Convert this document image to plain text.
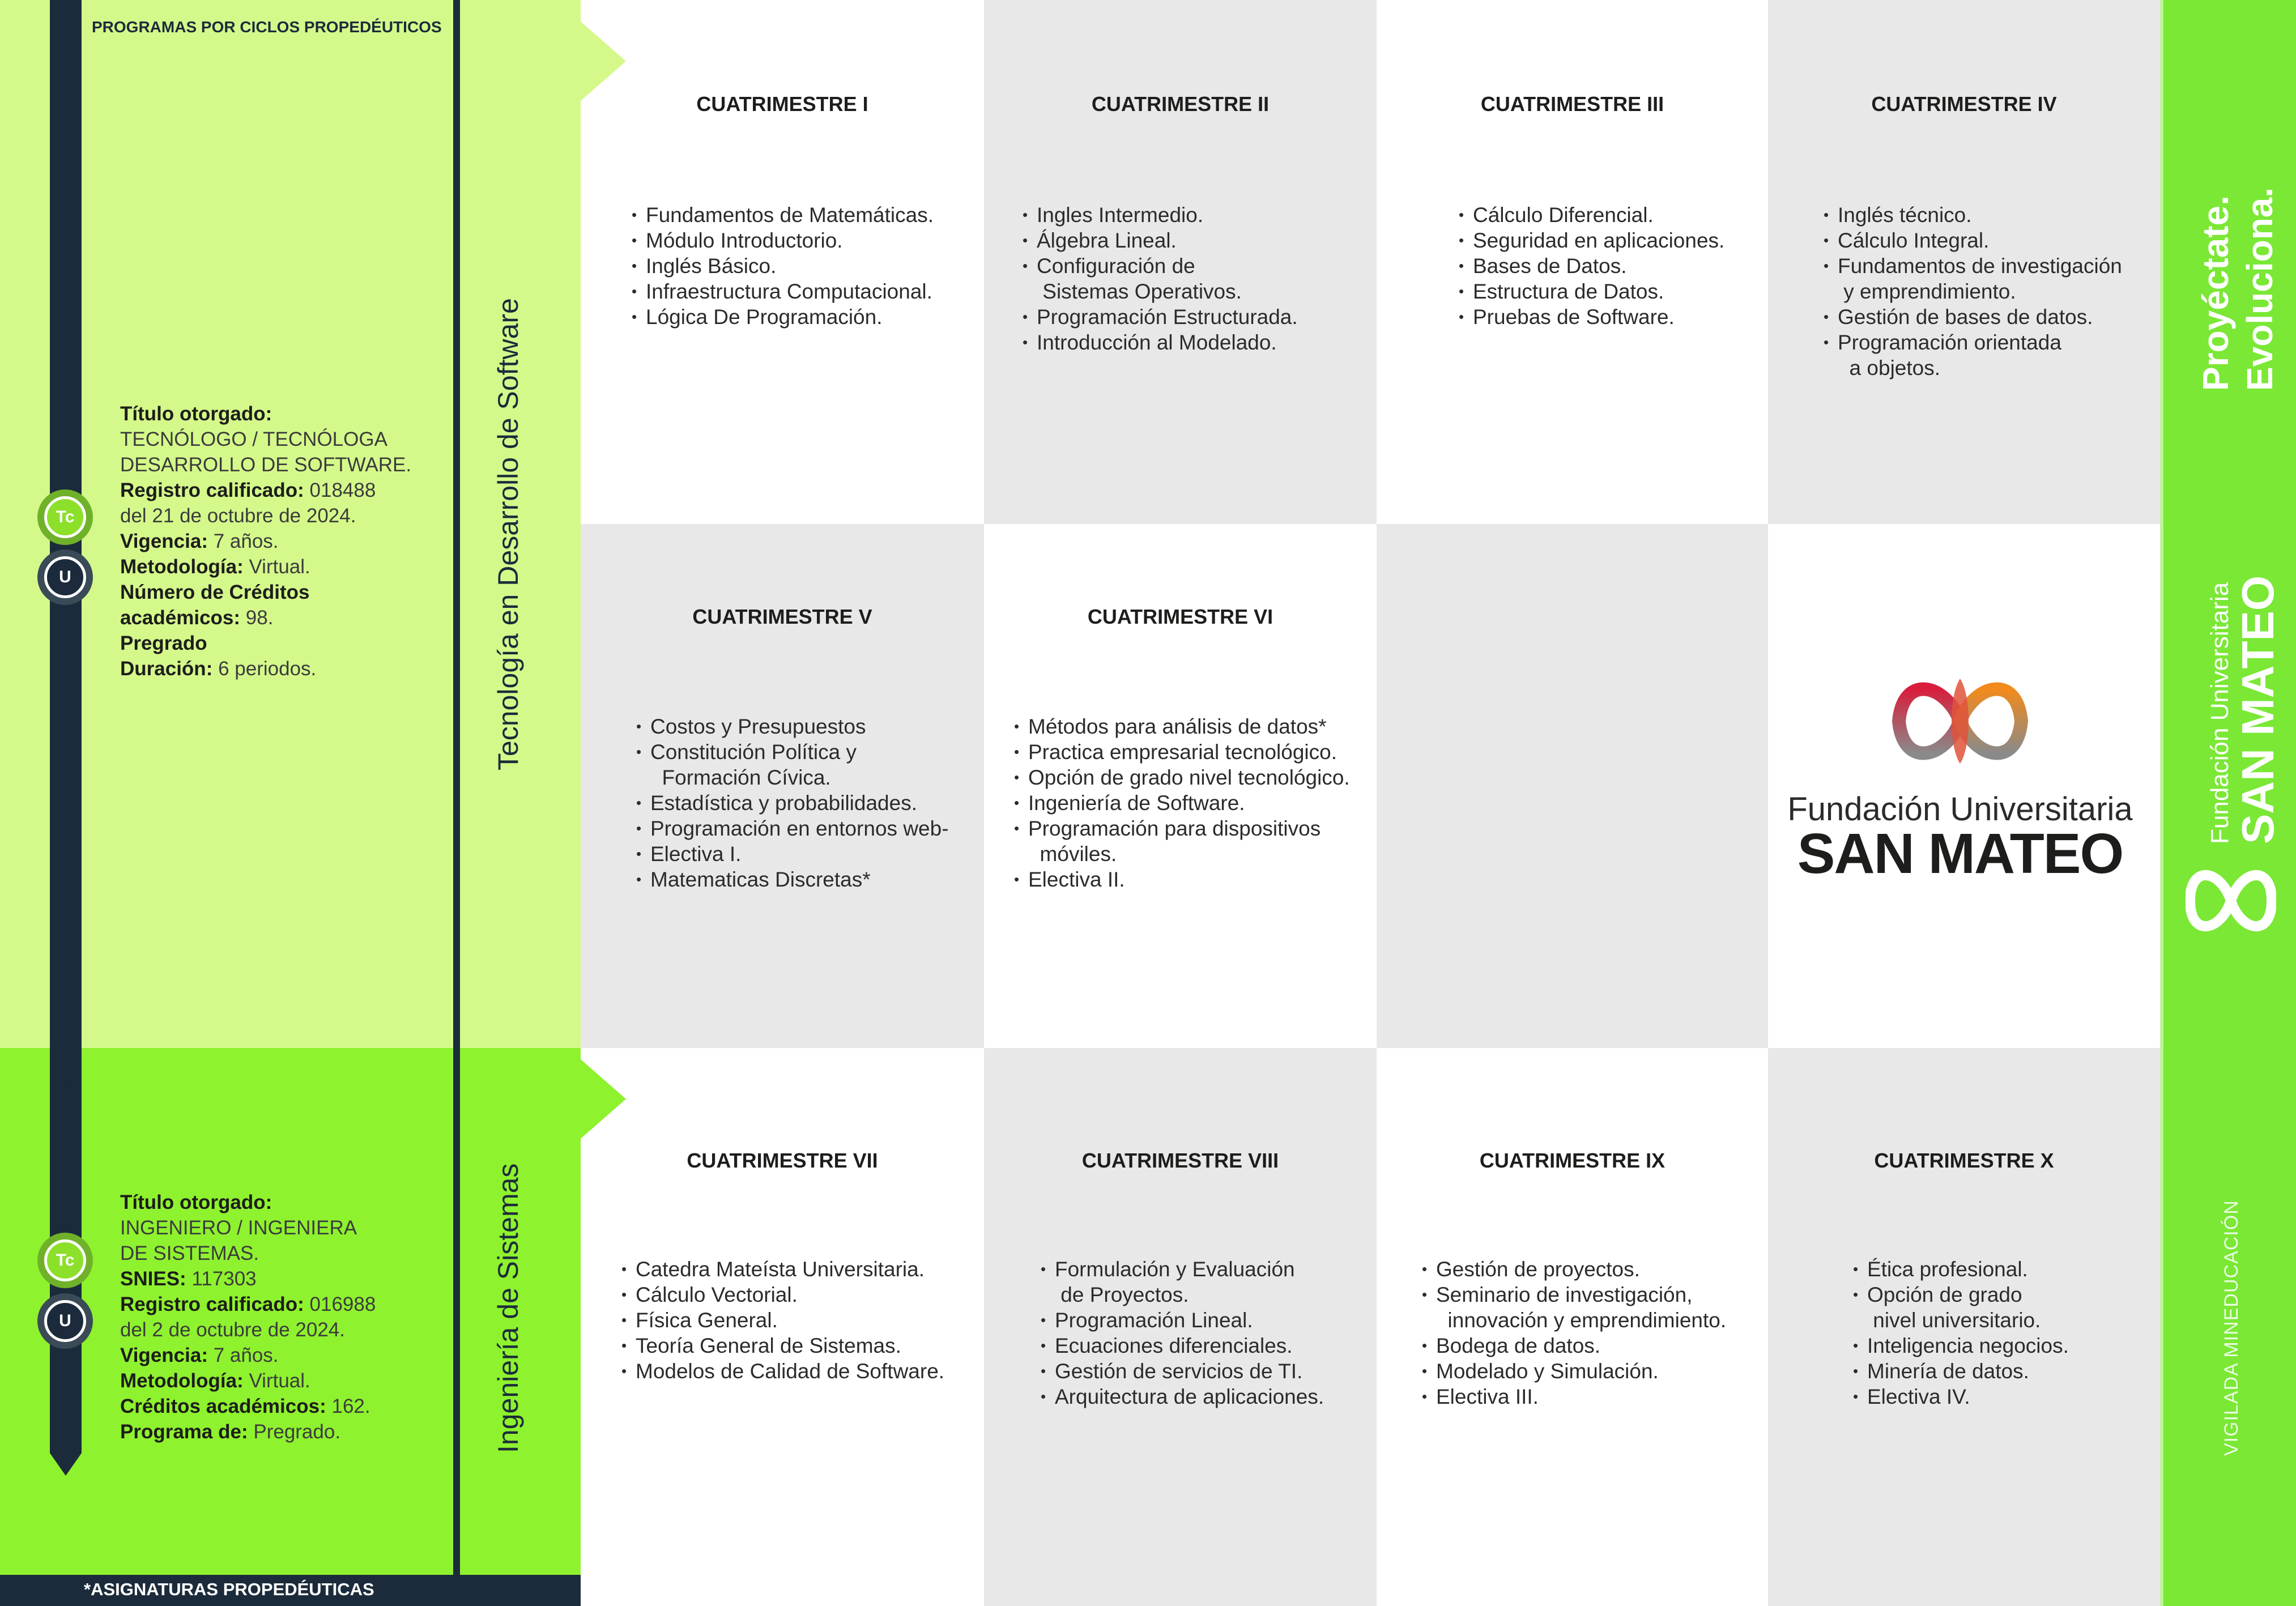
PROGRAMAS POR CICLOS PROPEDÉUTICOS
Título otorgado:
TECNÓLOGO / TECNÓLOGA
DESARROLLO DE SOFTWARE.
Registro calificado: 018488
del 21 de octubre de 2024.
Vigencia: 7 años.
Metodología: Virtual.
Número de Créditos
académicos: 98.
Pregrado
Duración: 6 periodos.
Título otorgado:
INGENIERO / INGENIERA
DE SISTEMAS.
SNIES: 117303
Registro calificado: 016988
del 2 de octubre de 2024.
Vigencia: 7 años.
Metodología: Virtual.
Créditos académicos: 162.
Programa de: Pregrado.
Tc
U
Tc
U
Tecnología en Desarrollo de Software
Ingeniería de Sistemas
CUATRIMESTRE I
• Fundamentos de Matemáticas.
• Módulo Introductorio.
• Inglés Básico.
• Infraestructura Computacional.
• Lógica De Programación.
CUATRIMESTRE II
• Ingles Intermedio.
• Álgebra Lineal.
• Configuración de
Sistemas Operativos.
• Programación Estructurada.
• Introducción al Modelado.
CUATRIMESTRE III
• Cálculo Diferencial.
• Seguridad en aplicaciones.
• Bases de Datos.
• Estructura de Datos.
• Pruebas de Software.
CUATRIMESTRE IV
• Inglés técnico.
• Cálculo Integral.
• Fundamentos de investigación
y emprendimiento.
• Gestión de bases de datos.
• Programación orientada
a objetos.
CUATRIMESTRE V
• Costos y Presupuestos
• Constitución Política y
Formación Cívica.
• Estadística y probabilidades.
• Programación en entornos web-
• Electiva I.
• Matematicas Discretas*
CUATRIMESTRE VI
• Métodos para análisis de datos*
• Practica empresarial tecnológico.
• Opción de grado nivel tecnológico.
• Ingeniería de Software.
• Programación para dispositivos
móviles.
• Electiva II.
CUATRIMESTRE VII
• Catedra Mateísta Universitaria.
• Cálculo Vectorial.
• Física General.
• Teoría General de Sistemas.
• Modelos de Calidad de Software.
CUATRIMESTRE VIII
• Formulación y Evaluación
de Proyectos.
• Programación Lineal.
• Ecuaciones diferenciales.
• Gestión de servicios de TI.
• Arquitectura de aplicaciones.
CUATRIMESTRE IX
• Gestión de proyectos.
• Seminario de investigación,
innovación y emprendimiento.
• Bodega de datos.
• Modelado y Simulación.
• Electiva III.
CUATRIMESTRE X
• Ética profesional.
• Opción de grado
nivel universitario.
• Inteligencia negocios.
• Minería de datos.
• Electiva IV.
Fundación Universitaria
SAN MATEO
Proyéctate. Evoluciona.
Fundación Universitaria
SAN MATEO
VIGILADA MINEDUCACIÓN
*ASIGNATURAS PROPEDÉUTICAS
